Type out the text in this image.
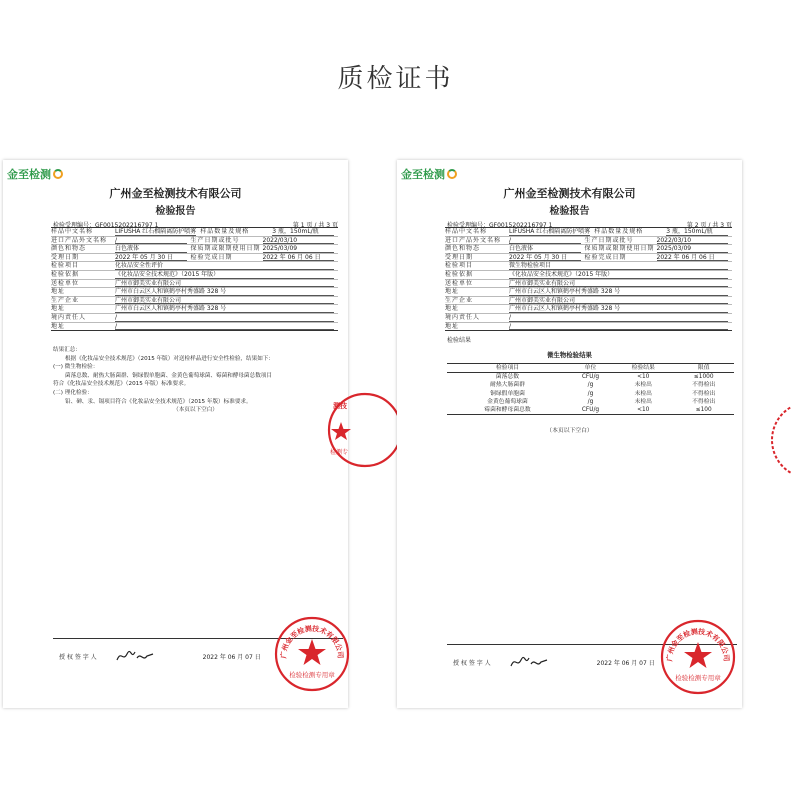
质检证书
金至检测
广州金至检测技术有限公司
检验报告
检验受理编号：GF0015202216797 1	第 1 页 / 共 3 页
样品中文名称	LIFUSHA 红石榴隔离防护喷雾 样品数量及规格	3 瓶，150mL/瓶
进口产品外文名称	/	生产日期或批号	2022/03/10
颜色和物态	白色液体	保质期或限期使用日期 2025/03/09
受理日期	2022 年 05 月 30 日	检验完成日期	2022 年 06 月 06 日
检验项目	化妆品安全性评价
检验依据	《化妆品安全技术规范》（2015 年版）
送检单位	广州市御美实业有限公司
地址	广州市白云区人和镇鹤亭村秀盛路 328 号
生产企业	广州市御美实业有限公司
地址	广州市白云区人和镇鹤亭村秀盛路 328 号
境内责任人	/
地址	/
结果汇总：
根据《化妆品安全技术规范》（2015 年版）对送检样品进行安全性检验，结果如下：
(一) 微生物检验：
菌落总数、耐热大肠菌群、铜绿假单胞菌、金黄色葡萄球菌、霉菌和酵母菌总数项目
符合《化妆品安全技术规范》（2015 年版）标准要求。
(二) 理化检验：
铅、砷、汞、镉项目符合《化妆品安全技术规范》（2015 年版）标准要求。
（本页以下空白）
授 权 签 字 人	2022 年 06 月 07 日	广州金至检测技术有限公司
检验检测专用章
测技
检测专
金至检测
广州金至检测技术有限公司
检验报告
检验受理编号：GF0015202216797 1	第 2 页 / 共 3 页
样品中文名称	LIFUSHA 红石榴隔离防护喷雾 样品数量及规格	3 瓶，150mL/瓶
进口产品外文名称	/	生产日期或批号	2022/03/10
颜色和物态	白色液体	保质期或限期使用日期 2025/03/09
受理日期	2022 年 05 月 30 日	检验完成日期	2022 年 06 月 06 日
检验项目	微生物检验项目
检验依据	《化妆品安全技术规范》（2015 年版）
送检单位	广州市御美实业有限公司
地址	广州市白云区人和镇鹤亭村秀盛路 328 号
生产企业	广州市御美实业有限公司
地址	广州市白云区人和镇鹤亭村秀盛路 328 号
境内责任人	/
地址	/
检验结果
微生物检验结果
检验项目	单位	检验结果	限值
菌落总数	CFU/g	<10	≤1000
耐热大肠菌群	/g	未检出	不得检出
铜绿假单胞菌	/g	未检出	不得检出
金黄色葡萄球菌	/g	未检出	不得检出
霉菌和酵母菌总数	CFU/g	<10	≤100
（本页以下空白）
授 权 签 字 人	2022 年 06 月 07 日
广州金至检测技术有限公司
检验检测专用章
